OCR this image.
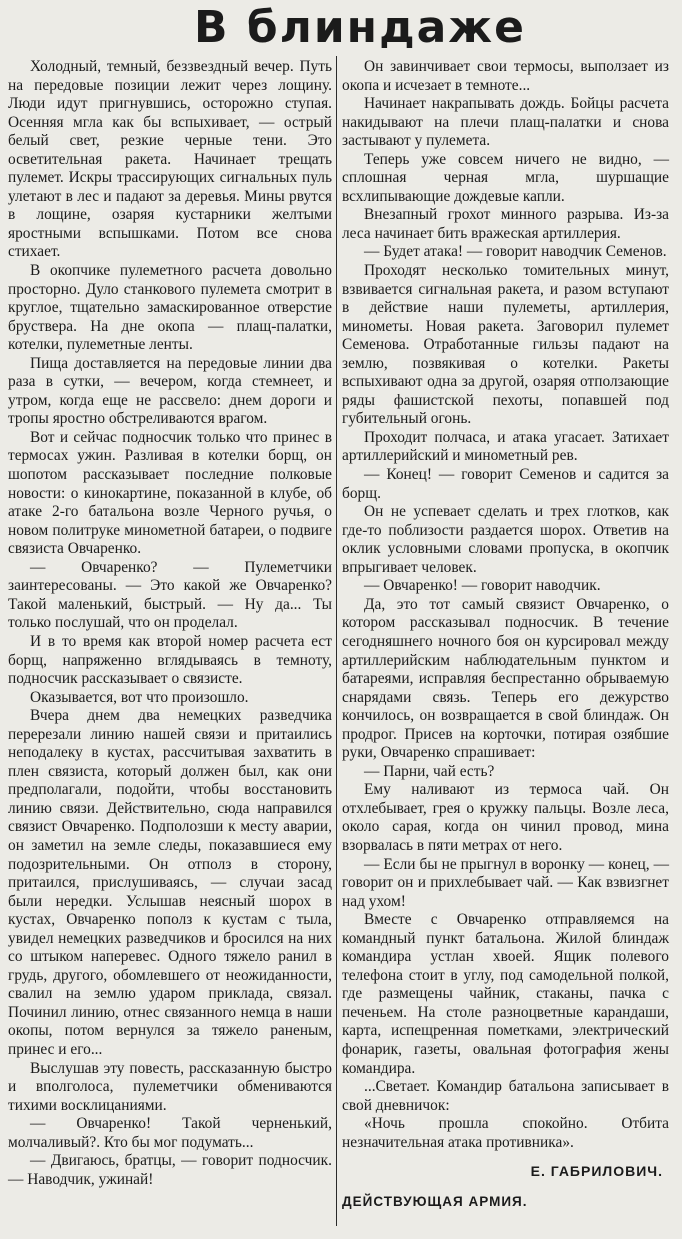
В блиндаже

Холодный, темный, беззвездный вечер. Путь на передовые позиции лежит через лощину. Люди идут пригнувшись, осторожно ступая. Осенняя мгла как бы вспыхивает, — острый белый свет, резкие черные тени. Это осветительная ракета. Начинает трещать пулемет. Искры трассирующих сигнальных пуль улетают в лес и падают за деревья. Мины рвутся в лощине, озаряя кустарники желтыми яростными вспышками. Потом все снова стихает.

В окопчике пулеметного расчета довольно просторно. Дуло станкового пулемета смотрит в круглое, тщательно замаскированное отверстие бруствера. На дне окопа — плащ-палатки, котелки, пулеметные ленты.

Пища доставляется на передовые линии два раза в сутки, — вечером, когда стемнеет, и утром, когда еще не рассвело: днем дороги и тропы яростно обстреливаются врагом.

Вот и сейчас подносчик только что принес в термосах ужин. Разливая в котелки борщ, он шопотом рассказывает последние полковые новости: о кинокартине, показанной в клубе, об атаке 2-го батальона возле Черного ручья, о новом политруке минометной батареи, о подвиге связиста Овчаренко.

— Овчаренко? — Пулеметчики заинтересованы. — Это какой же Овчаренко? Такой маленький, быстрый. — Ну да... Ты только послушай, что он проделал.

И в то время как второй номер расчета ест борщ, напряженно вглядываясь в темноту, подносчик рассказывает о связисте.

Оказывается, вот что произошло.

Вчера днем два немецких разведчика перерезали линию нашей связи и притаились неподалеку в кустах, рассчитывая захватить в плен связиста, который должен был, как они предполагали, подойти, чтобы восстановить линию связи. Действительно, сюда направился связист Овчаренко. Подполозши к месту аварии, он заметил на земле следы, показавшиеся ему подозрительными. Он отполз в сторону, притаился, прислушиваясь, — случаи засад были нередки. Услышав неясный шорох в кустах, Овчаренко пополз к кустам с тыла, увидел немецких разведчиков и бросился на них со штыком наперевес. Одного тяжело ранил в грудь, другого, обомлевшего от неожиданности, свалил на землю ударом приклада, связал. Починил линию, отнес связанного немца в наши окопы, потом вернулся за тяжело раненым, принес и его...

Выслушав эту повесть, рассказанную быстро и вполголоса, пулеметчики обмениваются тихими восклицаниями.

— Овчаренко! Такой черненький, молчаливый?. Кто бы мог подумать...

— Двигаюсь, братцы, — говорит подносчик. — Наводчик, ужинай!

Он завинчивает свои термосы, выползает из окопа и исчезает в темноте...

Начинает накрапывать дождь. Бойцы расчета накидывают на плечи плащ-палатки и снова застывают у пулемета.

Теперь уже совсем ничего не видно, — сплошная черная мгла, шуршащие всхлипывающие дождевые капли.

Внезапный грохот минного разрыва. Из-за леса начинает бить вражеская артиллерия.

— Будет атака! — говорит наводчик Семенов.

Проходят несколько томительных минут, взвивается сигнальная ракета, и разом вступают в действие наши пулеметы, артиллерия, минометы. Новая ракета. Заговорил пулемет Семенова. Отработанные гильзы падают на землю, позвякивая о котелки. Ракеты вспыхивают одна за другой, озаряя отползающие ряды фашистской пехоты, попавшей под губительный огонь.

Проходит полчаса, и атака угасает. Затихает артиллерийский и минометный рев.

— Конец! — говорит Семенов и садится за борщ.

Он не успевает сделать и трех глотков, как где-то поблизости раздается шорох. Ответив на оклик условными словами пропуска, в окопчик впрыгивает человек.

— Овчаренко! — говорит наводчик.

Да, это тот самый связист Овчаренко, о котором рассказывал подносчик. В течение сегодняшнего ночного боя он курсировал между артиллерийским наблюдательным пунктом и батареями, исправляя беспрестанно обрываемую снарядами связь. Теперь его дежурство кончилось, он возвращается в свой блиндаж. Он продрог. Присев на корточки, потирая озябшие руки, Овчаренко спрашивает:

— Парни, чай есть?

Ему наливают из термоса чай. Он отхлебывает, грея о кружку пальцы. Возле леса, около сарая, когда он чинил провод, мина взорвалась в пяти метрах от него.

— Если бы не прыгнул в воронку — конец, — говорит он и прихлебывает чай. — Как взвизгнет над ухом!

Вместе с Овчаренко отправляемся на командный пункт батальона. Жилой блиндаж командира устлан хвоей. Ящик полевого телефона стоит в углу, под самодельной полкой, где размещены чайник, стаканы, пачка с печеньем. На столе разноцветные карандаши, карта, испещренная пометками, электрический фонарик, газеты, овальная фотография жены командира.

...Светает. Командир батальона записывает в свой дневничок:

«Ночь прошла спокойно. Отбита незначительная атака противника».

Е. ГАБРИЛОВИЧ.
ДЕЙСТВУЮЩАЯ АРМИЯ.
